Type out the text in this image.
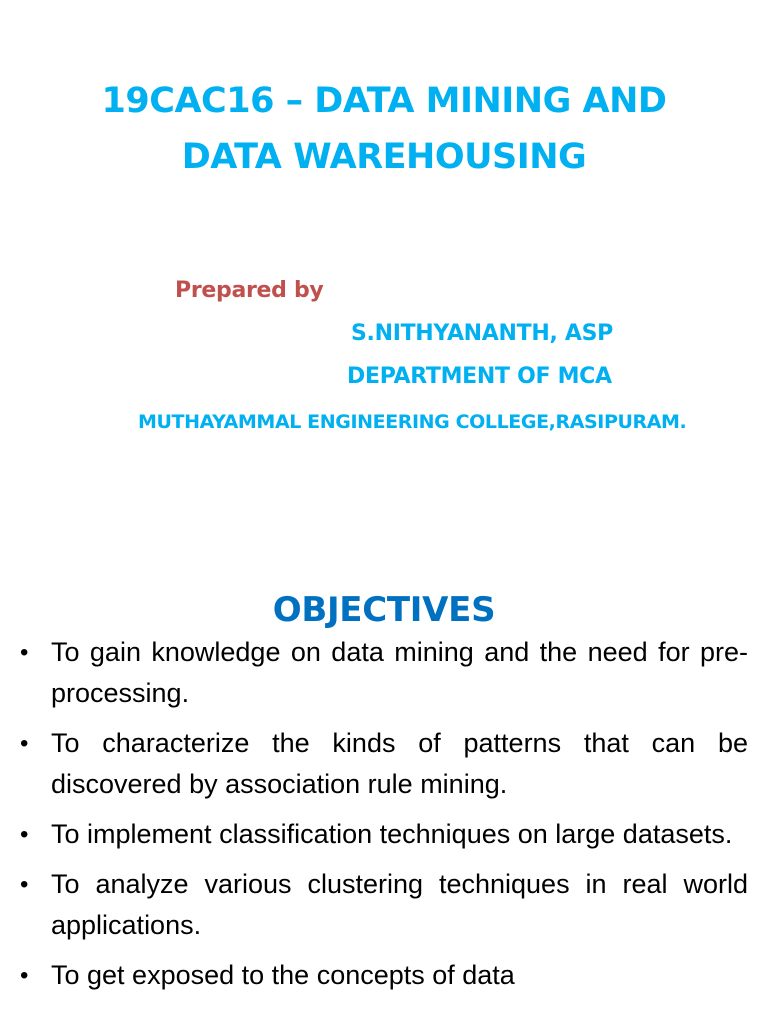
19CAC16 – DATA MINING AND
DATA WAREHOUSING

Prepared by

S.NITHYANANTH, ASP

DEPARTMENT OF MCA

MUTHAYAMMAL ENGINEERING COLLEGE,RASIPURAM.

OBJECTIVES
• To gain knowledge on data mining and the need for pre-processing.
• To characterize the kinds of patterns that can be discovered by association rule mining.
• To implement classification techniques on large datasets.
• To analyze various clustering techniques in real world applications.
• To get exposed to the concepts of data
